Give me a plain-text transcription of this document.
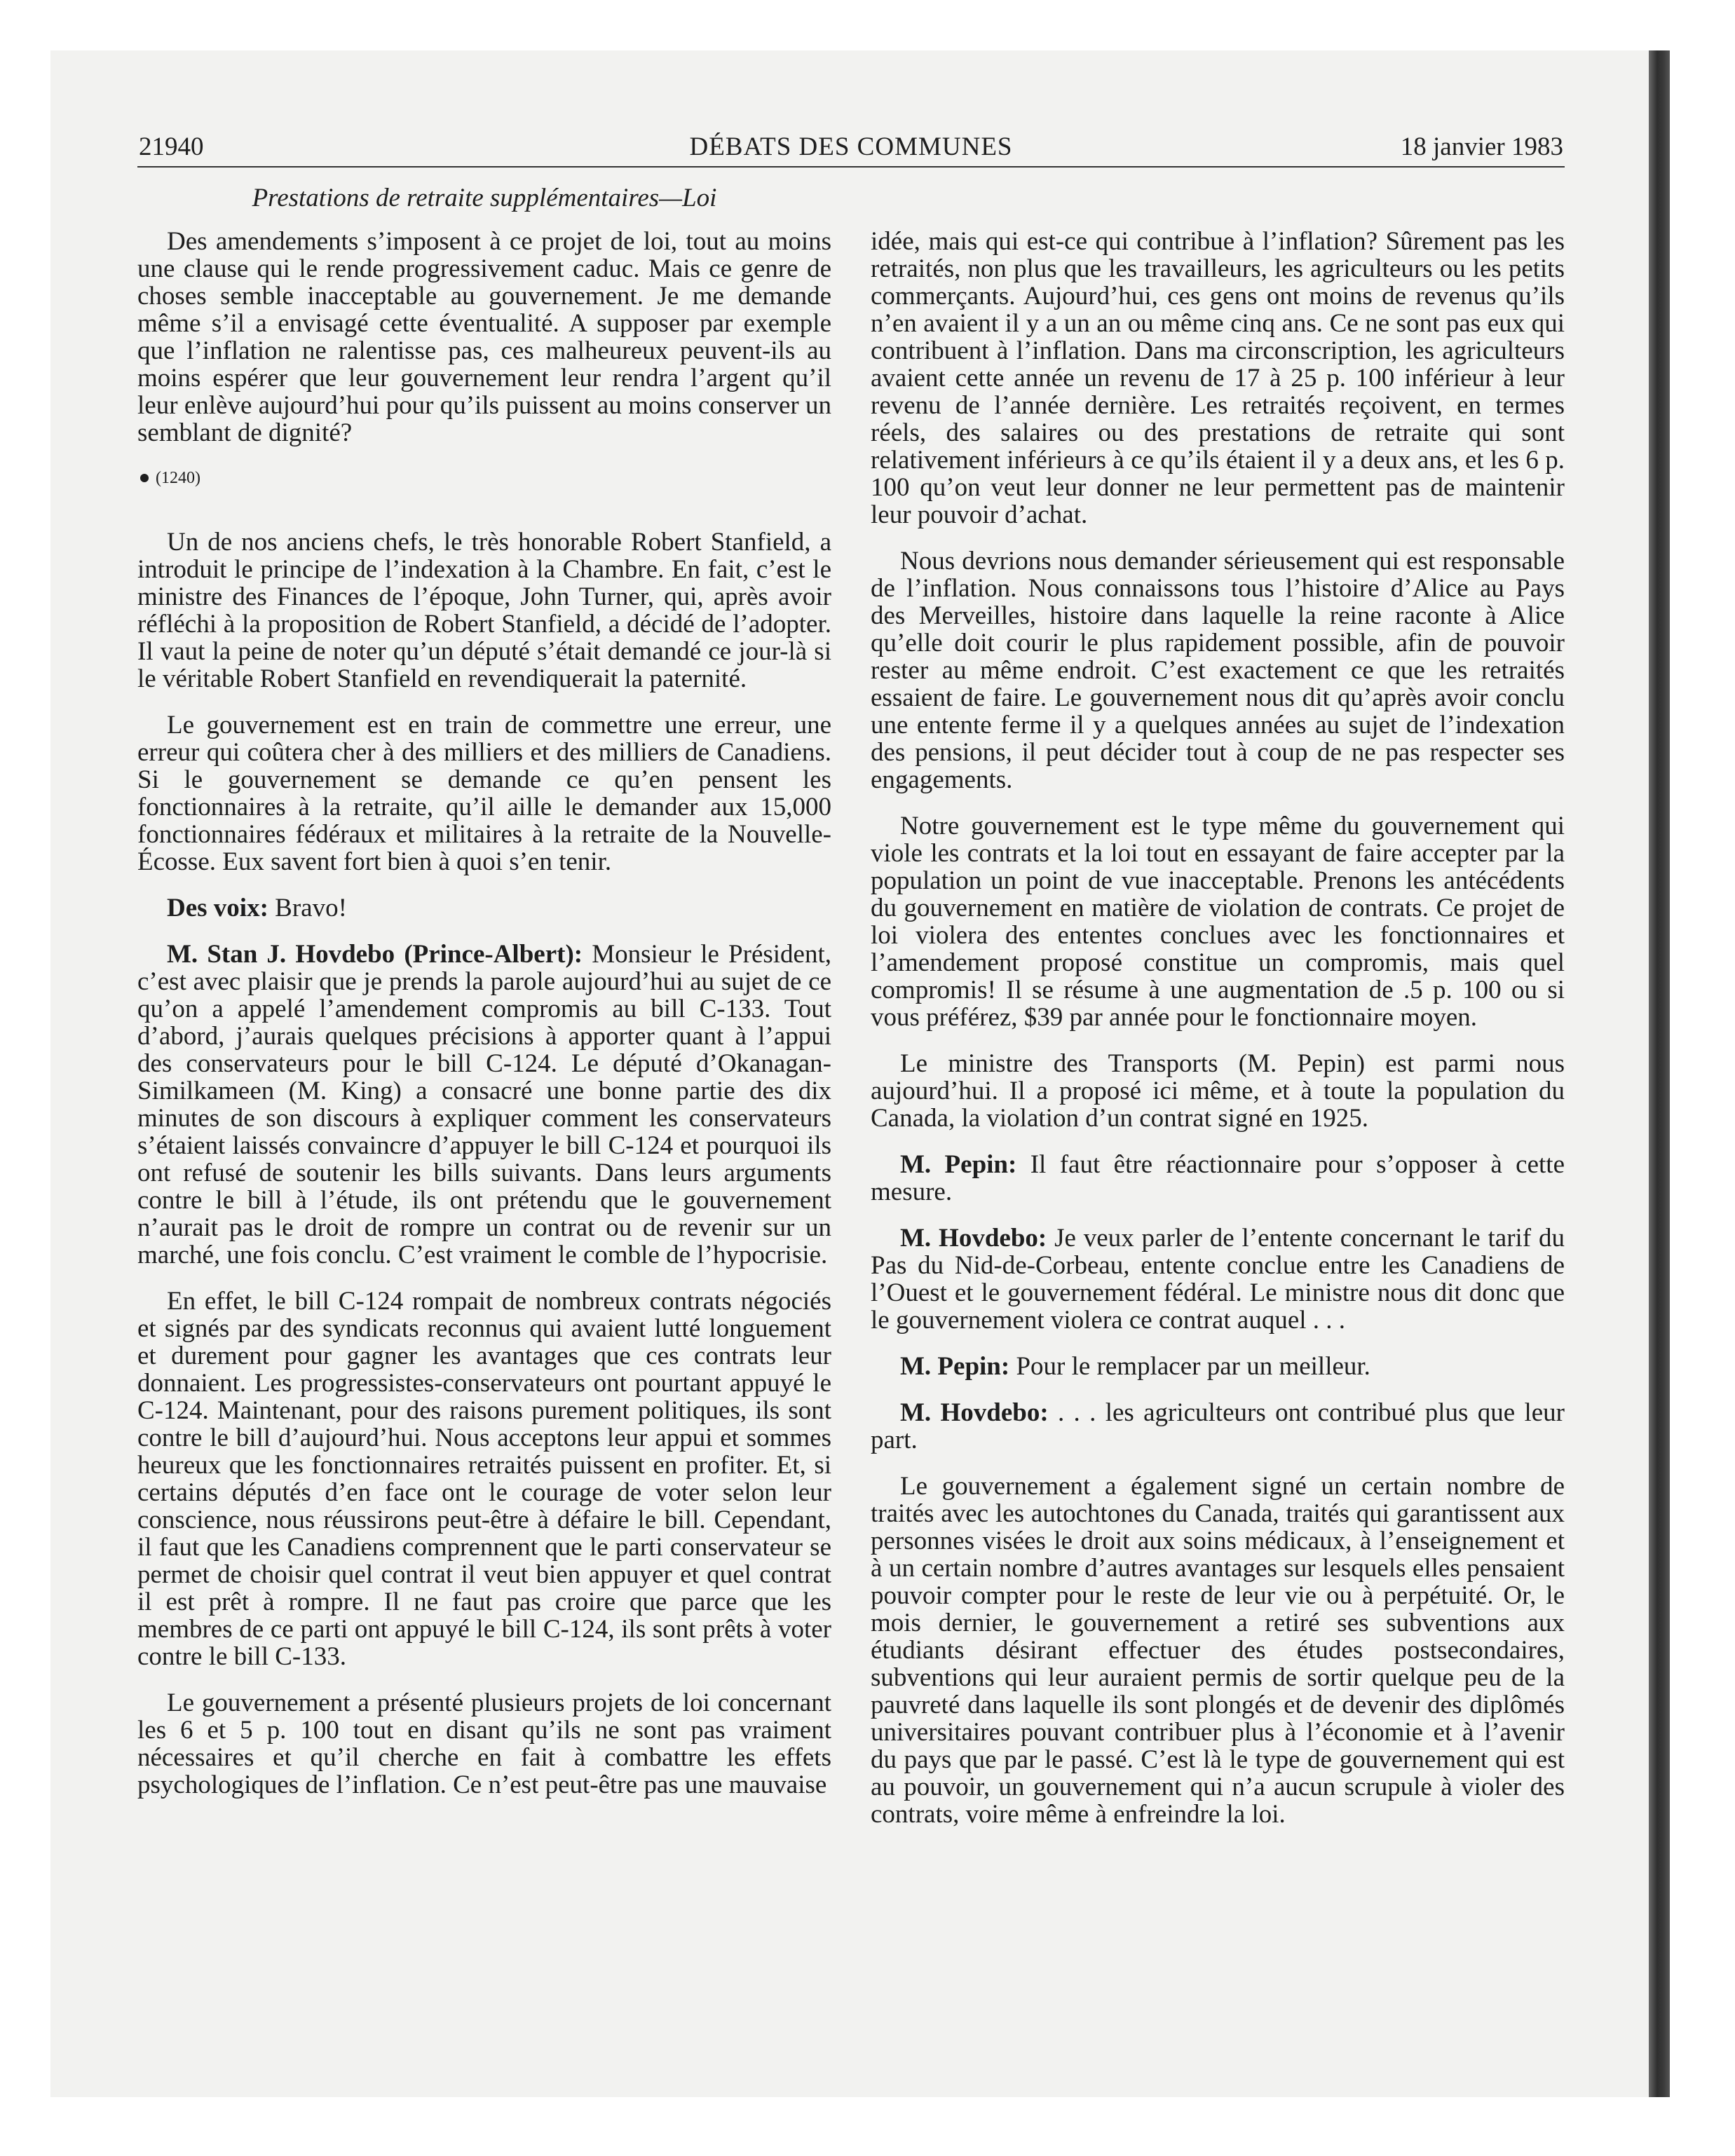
21940	DÉBATS DES COMMUNES	18 janvier 1983
Prestations de retraite supplémentaires—Loi

Des amendements s’imposent à ce projet de loi, tout au moins une clause qui le rende progressivement caduc. Mais ce genre de choses semble inacceptable au gouvernement. Je me demande même s’il a envisagé cette éventualité. A supposer par exemple que l’inflation ne ralentisse pas, ces malheureux peuvent-ils au moins espérer que leur gouvernement leur rendra l’argent qu’il leur enlève aujourd’hui pour qu’ils puissent au moins conserver un semblant de dignité?

(1240)

Un de nos anciens chefs, le très honorable Robert Stanfield, a introduit le principe de l’indexation à la Chambre. En fait, c’est le ministre des Finances de l’époque, John Turner, qui, après avoir réfléchi à la proposition de Robert Stanfield, a décidé de l’adopter. Il vaut la peine de noter qu’un député s’était demandé ce jour-là si le véritable Robert Stanfield en revendiquerait la paternité.

Le gouvernement est en train de commettre une erreur, une erreur qui coûtera cher à des milliers et des milliers de Canadiens. Si le gouvernement se demande ce qu’en pensent les fonctionnaires à la retraite, qu’il aille le demander aux 15,000 fonctionnaires fédéraux et militaires à la retraite de la Nouvelle-Écosse. Eux savent fort bien à quoi s’en tenir.

Des voix: Bravo!

M. Stan J. Hovdebo (Prince-Albert): Monsieur le Président, c’est avec plaisir que je prends la parole aujourd’hui au sujet de ce qu’on a appelé l’amendement compromis au bill C-133. Tout d’abord, j’aurais quelques précisions à apporter quant à l’appui des conservateurs pour le bill C-124. Le député d’Okanagan-Similkameen (M. King) a consacré une bonne partie des dix minutes de son discours à expliquer comment les conservateurs s’étaient laissés convaincre d’appuyer le bill C-124 et pourquoi ils ont refusé de soutenir les bills suivants. Dans leurs arguments contre le bill à l’étude, ils ont prétendu que le gouvernement n’aurait pas le droit de rompre un contrat ou de revenir sur un marché, une fois conclu. C’est vraiment le comble de l’hypocrisie.

En effet, le bill C-124 rompait de nombreux contrats négociés et signés par des syndicats reconnus qui avaient lutté longuement et durement pour gagner les avantages que ces contrats leur donnaient. Les progressistes-conservateurs ont pourtant appuyé le C-124. Maintenant, pour des raisons purement politiques, ils sont contre le bill d’aujourd’hui. Nous acceptons leur appui et sommes heureux que les fonctionnaires retraités puissent en profiter. Et, si certains députés d’en face ont le courage de voter selon leur conscience, nous réussirons peut-être à défaire le bill. Cependant, il faut que les Canadiens comprennent que le parti conservateur se permet de choisir quel contrat il veut bien appuyer et quel contrat il est prêt à rompre. Il ne faut pas croire que parce que les membres de ce parti ont appuyé le bill C-124, ils sont prêts à voter contre le bill C-133.

Le gouvernement a présenté plusieurs projets de loi concernant les 6 et 5 p. 100 tout en disant qu’ils ne sont pas vraiment nécessaires et qu’il cherche en fait à combattre les effets psychologiques de l’inflation. Ce n’est peut-être pas une mauvaise

idée, mais qui est-ce qui contribue à l’inflation? Sûrement pas les retraités, non plus que les travailleurs, les agriculteurs ou les petits commerçants. Aujourd’hui, ces gens ont moins de revenus qu’ils n’en avaient il y a un an ou même cinq ans. Ce ne sont pas eux qui contribuent à l’inflation. Dans ma circonscription, les agriculteurs avaient cette année un revenu de 17 à 25 p. 100 inférieur à leur revenu de l’année dernière. Les retraités reçoivent, en termes réels, des salaires ou des prestations de retraite qui sont relativement inférieurs à ce qu’ils étaient il y a deux ans, et les 6 p. 100 qu’on veut leur donner ne leur permettent pas de maintenir leur pouvoir d’achat.

Nous devrions nous demander sérieusement qui est responsable de l’inflation. Nous connaissons tous l’histoire d’Alice au Pays des Merveilles, histoire dans laquelle la reine raconte à Alice qu’elle doit courir le plus rapidement possible, afin de pouvoir rester au même endroit. C’est exactement ce que les retraités essaient de faire. Le gouvernement nous dit qu’après avoir conclu une entente ferme il y a quelques années au sujet de l’indexation des pensions, il peut décider tout à coup de ne pas respecter ses engagements.

Notre gouvernement est le type même du gouvernement qui viole les contrats et la loi tout en essayant de faire accepter par la population un point de vue inacceptable. Prenons les antécédents du gouvernement en matière de violation de contrats. Ce projet de loi violera des ententes conclues avec les fonctionnaires et l’amendement proposé constitue un compromis, mais quel compromis! Il se résume à une augmentation de .5 p. 100 ou si vous préférez, $39 par année pour le fonctionnaire moyen.

Le ministre des Transports (M. Pepin) est parmi nous aujourd’hui. Il a proposé ici même, et à toute la population du Canada, la violation d’un contrat signé en 1925.

M. Pepin: Il faut être réactionnaire pour s’opposer à cette mesure.

M. Hovdebo: Je veux parler de l’entente concernant le tarif du Pas du Nid-de-Corbeau, entente conclue entre les Canadiens de l’Ouest et le gouvernement fédéral. Le ministre nous dit donc que le gouvernement violera ce contrat auquel . . .

M. Pepin: Pour le remplacer par un meilleur.

M. Hovdebo: . . . les agriculteurs ont contribué plus que leur part.

Le gouvernement a également signé un certain nombre de traités avec les autochtones du Canada, traités qui garantissent aux personnes visées le droit aux soins médicaux, à l’enseignement et à un certain nombre d’autres avantages sur lesquels elles pensaient pouvoir compter pour le reste de leur vie ou à perpétuité. Or, le mois dernier, le gouvernement a retiré ses subventions aux étudiants désirant effectuer des études postsecondaires, subventions qui leur auraient permis de sortir quelque peu de la pauvreté dans laquelle ils sont plongés et de devenir des diplômés universitaires pouvant contribuer plus à l’économie et à l’avenir du pays que par le passé. C’est là le type de gouvernement qui est au pouvoir, un gouvernement qui n’a aucun scrupule à violer des contrats, voire même à enfreindre la loi.
